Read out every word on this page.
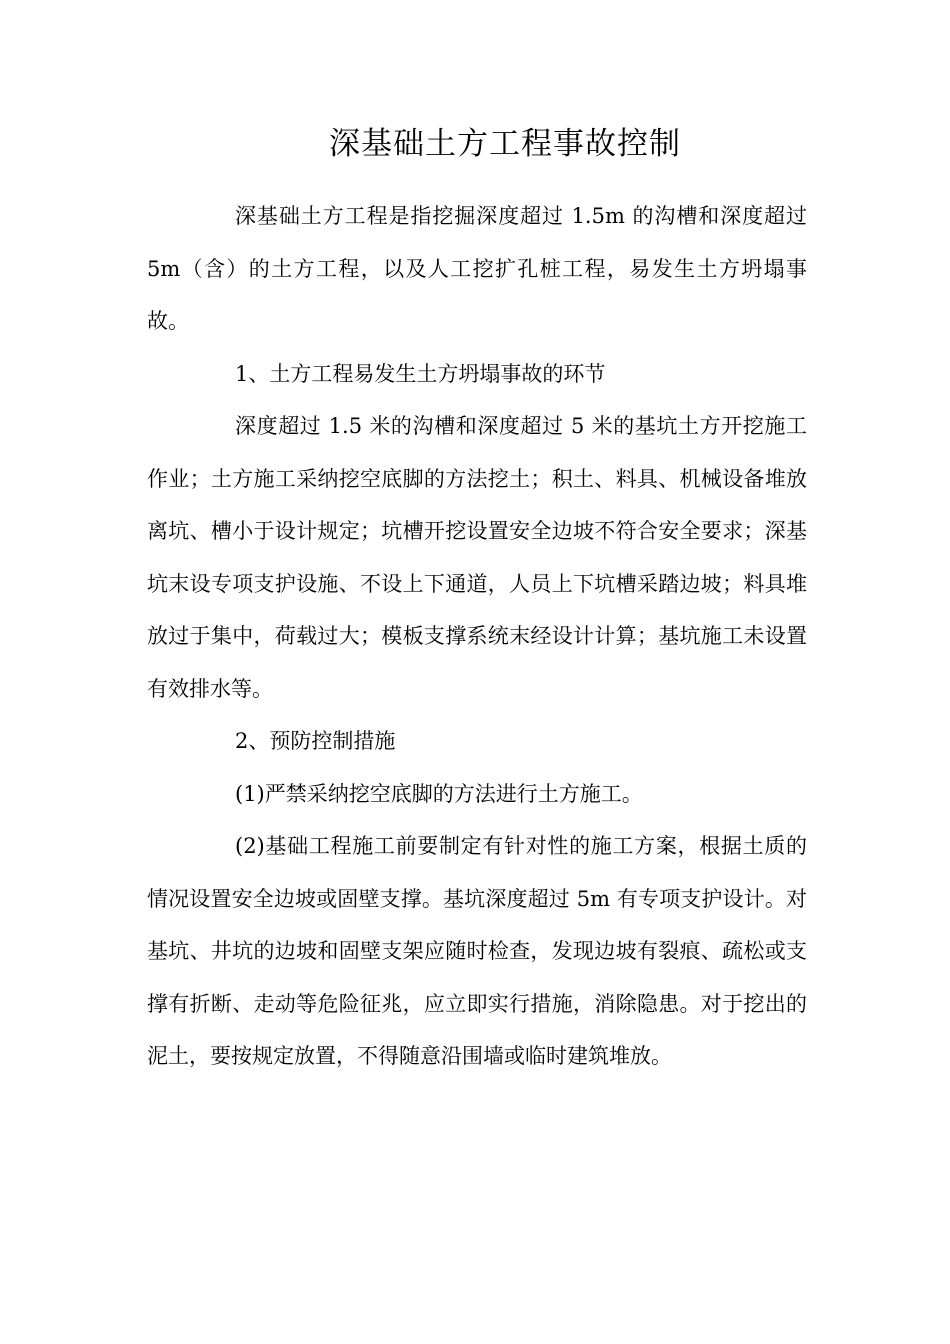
深基础土方工程事故控制

深基础土方工程是指挖掘深度超过 1.5m 的沟槽和深度超过 5m（含）的土方工程，以及人工挖扩孔桩工程，易发生土方坍塌事故。

1、土方工程易发生土方坍塌事故的环节

深度超过 1.5 米的沟槽和深度超过 5 米的基坑土方开挖施工作业；土方施工采纳挖空底脚的方法挖土；积土、料具、机械设备堆放离坑、槽小于设计规定；坑槽开挖设置安全边坡不符合安全要求；深基坑末设专项支护设施、不设上下通道，人员上下坑槽采踏边坡；料具堆放过于集中，荷载过大；模板支撑系统末经设计计算；基坑施工未设置有效排水等。

2、预防控制措施

(1)严禁采纳挖空底脚的方法进行土方施工。

(2)基础工程施工前要制定有针对性的施工方案，根据土质的情况设置安全边坡或固壁支撑。基坑深度超过 5m 有专项支护设计。对基坑、井坑的边坡和固壁支架应随时检查，发现边坡有裂痕、疏松或支撑有折断、走动等危险征兆，应立即实行措施，消除隐患。对于挖出的泥土，要按规定放置，不得随意沿围墙或临时建筑堆放。
